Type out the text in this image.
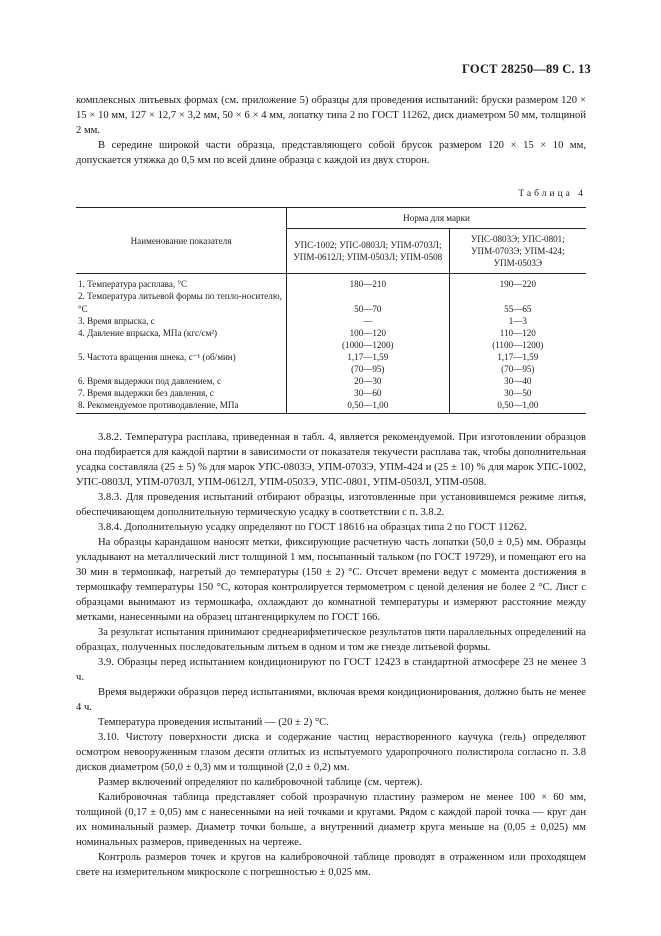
ГОСТ 28250—89 С. 13

комплексных литьевых формах (см. приложение 5) образцы для проведения испытаний: бруски размером 120 × 15 × 10 мм, 127 × 12,7 × 3,2 мм, 50 × 6 × 4 мм, лопатку типа 2 по ГОСТ 11262, диск диаметром 50 мм, толщиной 2 мм.

В середине широкой части образца, представляющего собой брусок размером 120 × 15 × 10 мм, допускается утяжка до 0,5 мм по всей длине образца с каждой из двух сторон.

Таблица 4
Наименование показателя	Норма для марки	
	УПС-1002; УПС-0803Л; УПМ-0703Л; УПМ-0612Л; УПМ-0503Л; УПМ-0508	УПС-0803Э; УПС-0801; УПМ-0703Э; УПМ-424; УПМ-0503Э
1. Температура расплава, °С	180—210	190—220
2. Температура литьевой формы по тепло-носителю, °С	50—70	55—65
3. Время впрыска, с	—	1—3
4. Давление впрыска, МПа (кгс/см²)	100—120	110—120
	(1000—1200)	(1100—1200)
5. Частота вращения шнека, с⁻¹ (об/мин)	1,17—1,59	1,17—1,59
	(70—95)	(70—95)
6. Время выдержки под давлением, с	20—30	30—40
7. Время выдержки без давления, с	30—60	30—50
8. Рекомендуемое противодавление, МПа	0,50—1,00	0,50—1,00

3.8.2. Температура расплава, приведенная в табл. 4, является рекомендуемой. При изготовлении образцов она подбирается для каждой партии в зависимости от показателя текучести расплава так, чтобы дополнительная усадка составляла (25 ± 5) % для марок УПС-0803Э, УПМ-0703Э, УПМ-424 и (25 ± 10) % для марок УПС-1002, УПС-0803Л, УПМ-0703Л, УПМ-0612Л, УПМ-0503Э, УПС-0801, УПМ-0503Л, УПМ-0508.

3.8.3. Для проведения испытаний отбирают образцы, изготовленные при установившемся режиме литья, обеспечивающем дополнительную термическую усадку в соответствии с п. 3.8.2.

3.8.4. Дополнительную усадку определяют по ГОСТ 18616 на образцах типа 2 по ГОСТ 11262.

На образцы карандашом наносят метки, фиксирующие расчетную часть лопатки (50,0 ± 0,5) мм. Образцы укладывают на металлический лист толщиной 1 мм, посыпанный тальком (по ГОСТ 19729), и помещают его на 30 мин в термошкаф, нагретый до температуры (150 ± 2) °С. Отсчет времени ведут с момента достижения в термошкафу температуры 150 °С, которая контролируется термометром с ценой деления не более 2 °С. Лист с образцами вынимают из термошкафа, охлаждают до комнатной температуры и измеряют расстояние между метками, нанесенными на образец штангенциркулем по ГОСТ 166.

За результат испытания принимают среднеарифметическое результатов пяти параллельных определений на образцах, полученных последовательным литьем в одном и том же гнезде литьевой формы.

3.9. Образцы перед испытанием кондиционируют по ГОСТ 12423 в стандартной атмосфере 23 не менее 3 ч.

Время выдержки образцов перед испытаниями, включая время кондиционирования, должно быть не менее 4 ч.

Температура проведения испытаний — (20 ± 2) °С.

3.10. Чистоту поверхности диска и содержание частиц нерастворенного каучука (гель) определяют осмотром невооруженным глазом десяти отлитых из испытуемого ударопрочного полистирола согласно п. 3.8 дисков диаметром (50,0 ± 0,3) мм и толщиной (2,0 ± 0,2) мм.

Размер включений определяют по калибровочной таблице (см. чертеж).

Калибровочная таблица представляет собой прозрачную пластину размером не менее 100 × 60 мм, толщиной (0,17 ± 0,05) мм с нанесенными на ней точками и кругами. Рядом с каждой парой точка — круг дан их номинальный размер. Диаметр точки больше, а внутренний диаметр круга меньше на (0,05 ± 0,025) мм номинальных размеров, приведенных на чертеже.

Контроль размеров точек и кругов на калибровочной таблице проводят в отраженном или проходящем свете на измерительном микроскопе с погрешностью ± 0,025 мм.
